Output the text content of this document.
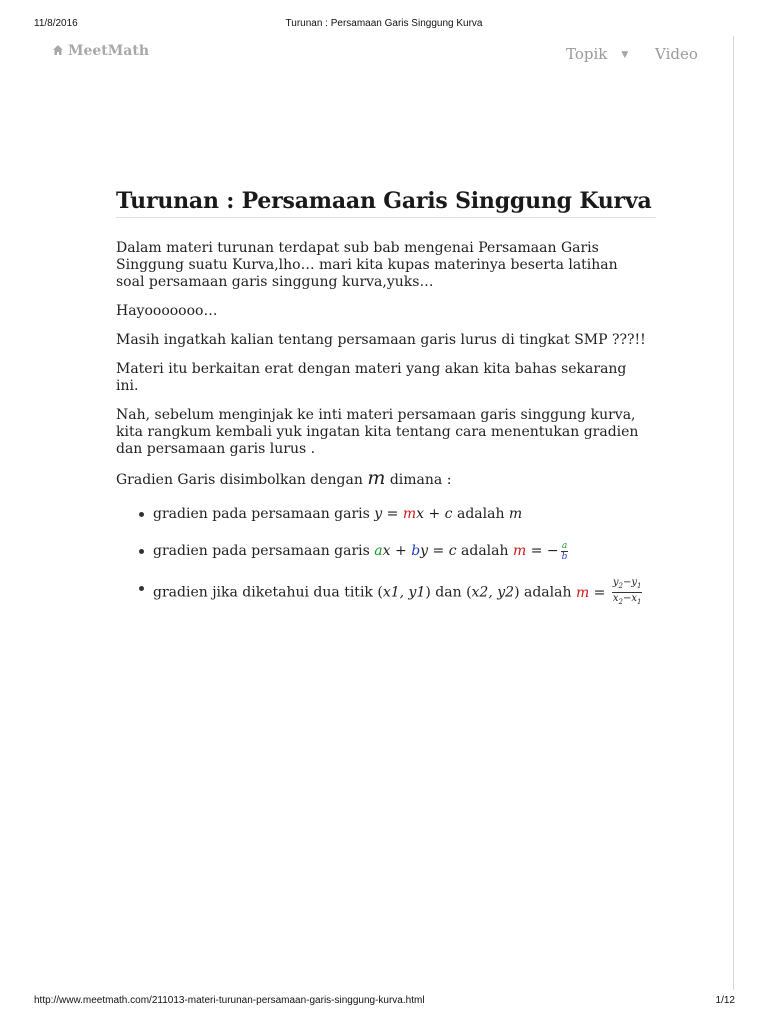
11/8/2016	Turunan : Persamaan Garis Singgung Kurva
MeetMath	Topik ▼ Video
Turunan : Persamaan Garis Singgung Kurva

Dalam materi turunan terdapat sub bab mengenai Persamaan Garis Singgung suatu Kurva,lho… mari kita kupas materinya beserta latihan soal persamaan garis singgung kurva,yuks…

Hayooooooo…

Masih ingatkah kalian tentang persamaan garis lurus di tingkat SMP ???!!

Materi itu berkaitan erat dengan materi yang akan kita bahas sekarang ini.

Nah, sebelum menginjak ke inti materi persamaan garis singgung kurva, kita rangkum kembali yuk ingatan kita tentang cara menentukan gradien dan persamaan garis lurus .

Gradien Garis disimbolkan dengan m dimana :

gradien pada persamaan garis y = mx + c adalah m
gradien pada persamaan garis ax + by = c adalah m = − $\frac{a}{b}$
gradien jika diketahui dua titik (x1, y1) dan (x2, y2) adalah $m = \frac{y_2-y_1}{x_2-x_1}$
http://www.meetmath.com/211013-materi-turunan-persamaan-garis-singgung-kurva.html	1/12
